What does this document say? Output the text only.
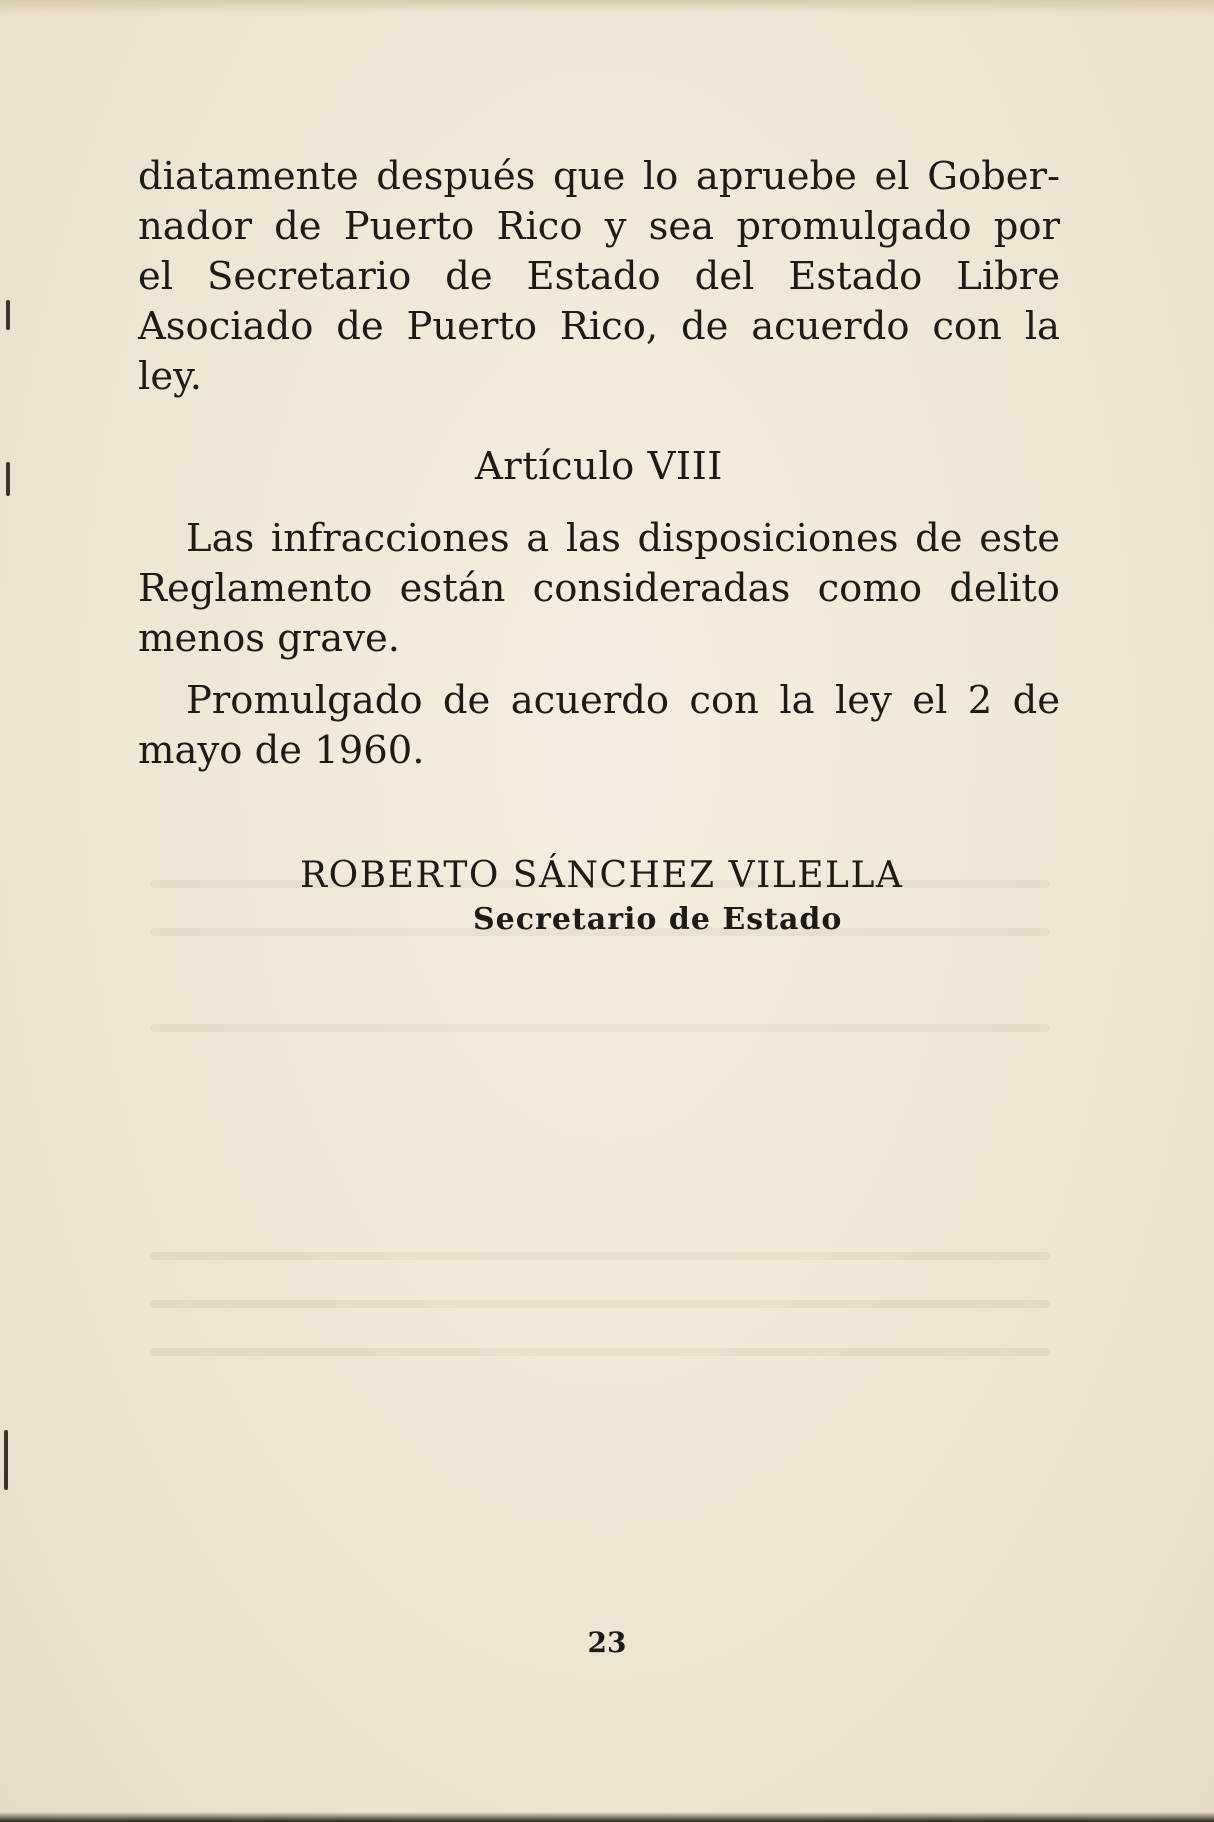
diatamente después que lo apruebe el Gober-
nador de Puerto Rico y sea promulgado por
el Secretario de Estado del Estado Libre
Asociado de Puerto Rico, de acuerdo con la
ley.
Artículo VIII
Las infracciones a las disposiciones de este
Reglamento están consideradas como delito
menos grave.
Promulgado de acuerdo con la ley el 2 de
mayo de 1960.
ROBERTO SÁNCHEZ VILELLA
Secretario de Estado
23
